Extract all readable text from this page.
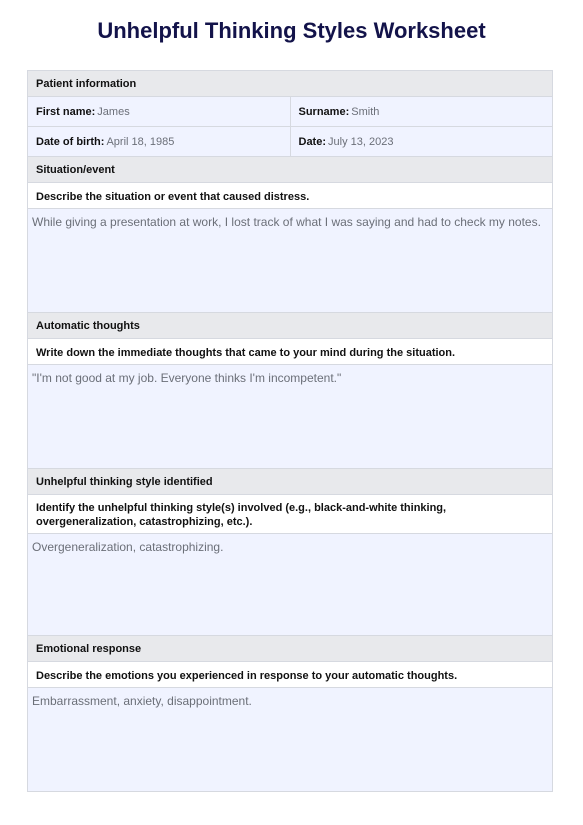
Unhelpful Thinking Styles Worksheet
Patient information
First name: James	Surname: Smith
Date of birth: April 18, 1985	Date: July 13, 2023
Situation/event
Describe the situation or event that caused distress.
While giving a presentation at work, I lost track of what I was saying and had to check my notes.
Automatic thoughts
Write down the immediate thoughts that came to your mind during the situation.
"I'm not good at my job. Everyone thinks I'm incompetent."
Unhelpful thinking style identified
Identify the unhelpful thinking style(s) involved (e.g., black-and-white thinking, overgeneralization, catastrophizing, etc.).
Overgeneralization, catastrophizing.
Emotional response
Describe the emotions you experienced in response to your automatic thoughts.
Embarrassment, anxiety, disappointment.
